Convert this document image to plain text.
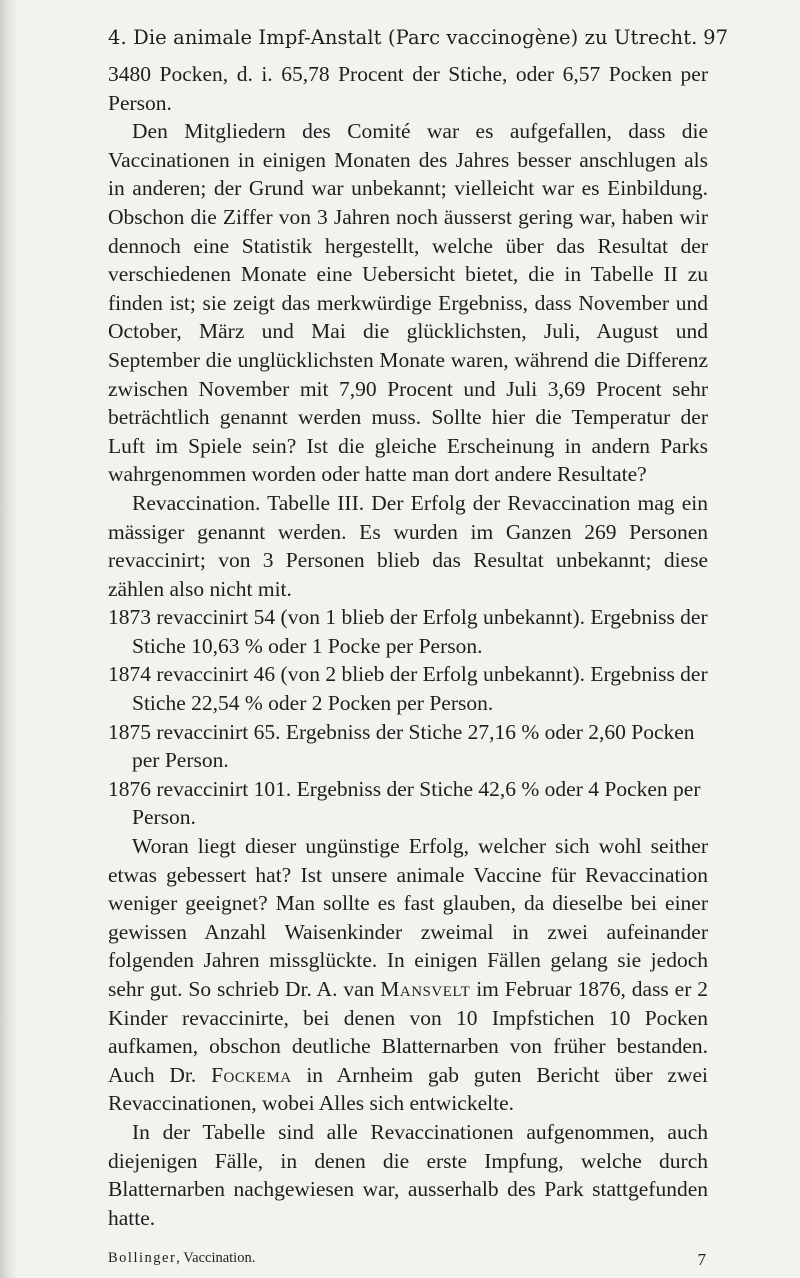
4. Die animale Impf-Anstalt (Parc vaccinogène) zu Utrecht. 97

3480 Pocken, d. i. 65,78 Procent der Stiche, oder 6,57 Pocken per Person.

Den Mitgliedern des Comité war es aufgefallen, dass die Vaccinationen in einigen Monaten des Jahres besser anschlugen als in anderen; der Grund war unbekannt; vielleicht war es Einbildung. Obschon die Ziffer von 3 Jahren noch äusserst gering war, haben wir dennoch eine Statistik hergestellt, welche über das Resultat der verschiedenen Monate eine Uebersicht bietet, die in Tabelle II zu finden ist; sie zeigt das merkwürdige Ergebniss, dass November und October, März und Mai die glücklichsten, Juli, August und September die unglücklichsten Monate waren, während die Differenz zwischen November mit 7,90 Procent und Juli 3,69 Procent sehr beträchtlich genannt werden muss. Sollte hier die Temperatur der Luft im Spiele sein? Ist die gleiche Erscheinung in andern Parks wahrgenommen worden oder hatte man dort andere Resultate?

Revaccination. Tabelle III. Der Erfolg der Revaccination mag ein mässiger genannt werden. Es wurden im Ganzen 269 Personen revaccinirt; von 3 Personen blieb das Resultat unbekannt; diese zählen also nicht mit.

1873 revaccinirt 54 (von 1 blieb der Erfolg unbekannt). Ergebniss der Stiche 10,63 % oder 1 Pocke per Person.

1874 revaccinirt 46 (von 2 blieb der Erfolg unbekannt). Ergebniss der Stiche 22,54 % oder 2 Pocken per Person.

1875 revaccinirt 65. Ergebniss der Stiche 27,16 % oder 2,60 Pocken per Person.

1876 revaccinirt 101. Ergebniss der Stiche 42,6 % oder 4 Pocken per Person.

Woran liegt dieser ungünstige Erfolg, welcher sich wohl seither etwas gebessert hat? Ist unsere animale Vaccine für Revaccination weniger geeignet? Man sollte es fast glauben, da dieselbe bei einer gewissen Anzahl Waisenkinder zweimal in zwei aufeinander folgenden Jahren missglückte. In einigen Fällen gelang sie jedoch sehr gut. So schrieb Dr. A. van Mansvelt im Februar 1876, dass er 2 Kinder revaccinirte, bei denen von 10 Impfstichen 10 Pocken aufkamen, obschon deutliche Blatternarben von früher bestanden. Auch Dr. Fockema in Arnheim gab guten Bericht über zwei Revaccinationen, wobei Alles sich entwickelte.

In der Tabelle sind alle Revaccinationen aufgenommen, auch diejenigen Fälle, in denen die erste Impfung, welche durch Blatternarben nachgewiesen war, ausserhalb des Park stattgefunden hatte.

Bollinger, Vaccination.	7
